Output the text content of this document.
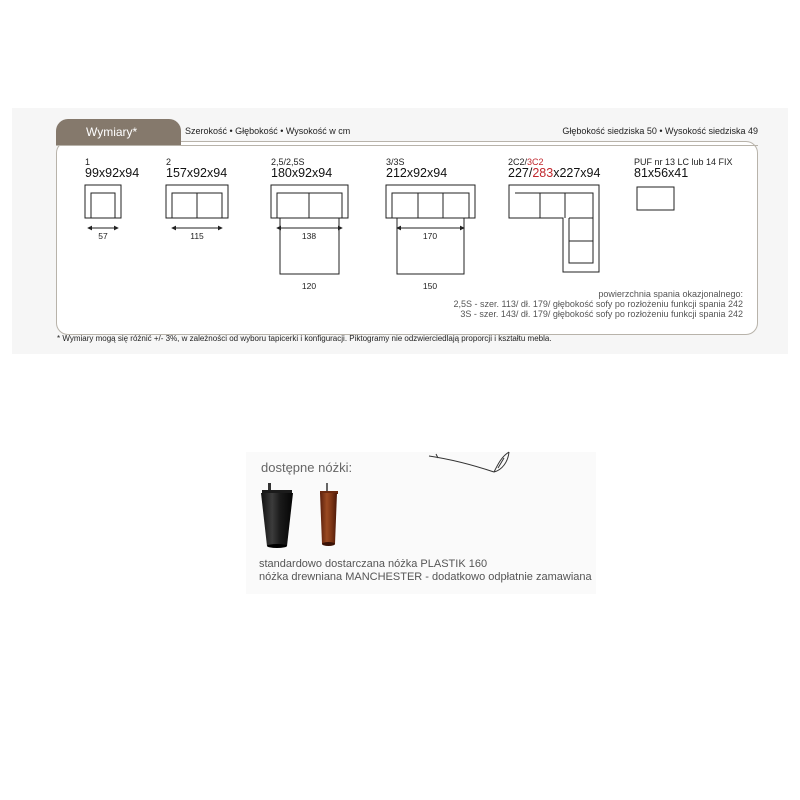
Wymiary*	Szerokość • Głębokość • Wysokość w cm	Głębokość siedziska 50 • Wysokość siedziska 49
1
99x92x94
2
157x92x94
2,5/2,5S
180x92x94
3/3S
212x92x94
2C2/3C2
227/283x227x94
PUF nr 13 LC lub 14 FIX
81x56x41
57	115	138
120
170
150
powierzchnia spania okazjonalnego:
2,5S - szer. 113/ dł. 179/ głębokość sofy po rozłożeniu funkcji spania 242
3S - szer. 143/ dł. 179/ głębokość sofy po rozłożeniu funkcji spania 242
* Wymiary mogą się różnić +/- 3%, w zależności od wyboru tapicerki i konfiguracji. Piktogramy nie odzwierciedlają proporcji i kształtu mebla.
dostępne nóżki:
standardowo dostarczana nóżka PLASTIK 160
nóżka drewniana MANCHESTER - dodatkowo odpłatnie zamawiana
